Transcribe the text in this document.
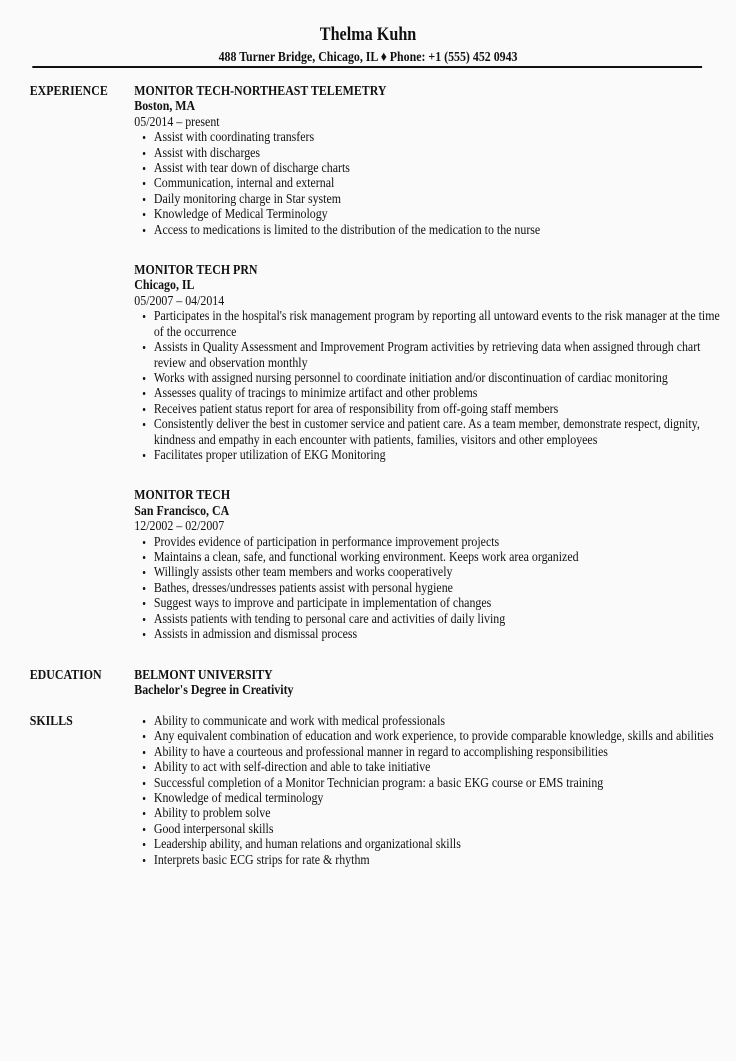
Thelma Kuhn
488 Turner Bridge, Chicago, IL ♦ Phone: +1 (555) 452 0943
EXPERIENCE MONITOR TECH-NORTHEAST TELEMETRY
Boston, MA
05/2014 – present
• Assist with coordinating transfers
• Assist with discharges
• Assist with tear down of discharge charts
• Communication, internal and external
• Daily monitoring charge in Star system
• Knowledge of Medical Terminology
• Access to medications is limited to the distribution of the medication to the nurse
MONITOR TECH PRN
Chicago, IL
05/2007 – 04/2014
• Participates in the hospital's risk management program by reporting all untoward events to the risk manager at the time of the occurrence
• Assists in Quality Assessment and Improvement Program activities by retrieving data when assigned through chart review and observation monthly
• Works with assigned nursing personnel to coordinate initiation and/or discontinuation of cardiac monitoring
• Assesses quality of tracings to minimize artifact and other problems
• Receives patient status report for area of responsibility from off-going staff members
• Consistently deliver the best in customer service and patient care. As a team member, demonstrate respect, dignity, kindness and empathy in each encounter with patients, families, visitors and other employees
• Facilitates proper utilization of EKG Monitoring
MONITOR TECH
San Francisco, CA
12/2002 – 02/2007
• Provides evidence of participation in performance improvement projects
• Maintains a clean, safe, and functional working environment. Keeps work area organized
• Willingly assists other team members and works cooperatively
• Bathes, dresses/undresses patients assist with personal hygiene
• Suggest ways to improve and participate in implementation of changes
• Assists patients with tending to personal care and activities of daily living
• Assists in admission and dismissal process
EDUCATION BELMONT UNIVERSITY
Bachelor's Degree in Creativity
SKILLS	• Ability to communicate and work with medical professionals
• Any equivalent combination of education and work experience, to provide comparable knowledge, skills and abilities
• Ability to have a courteous and professional manner in regard to accomplishing responsibilities
• Ability to act with self-direction and able to take initiative
• Successful completion of a Monitor Technician program: a basic EKG course or EMS training
• Knowledge of medical terminology
• Ability to problem solve
• Good interpersonal skills
• Leadership ability, and human relations and organizational skills
• Interprets basic ECG strips for rate & rhythm
